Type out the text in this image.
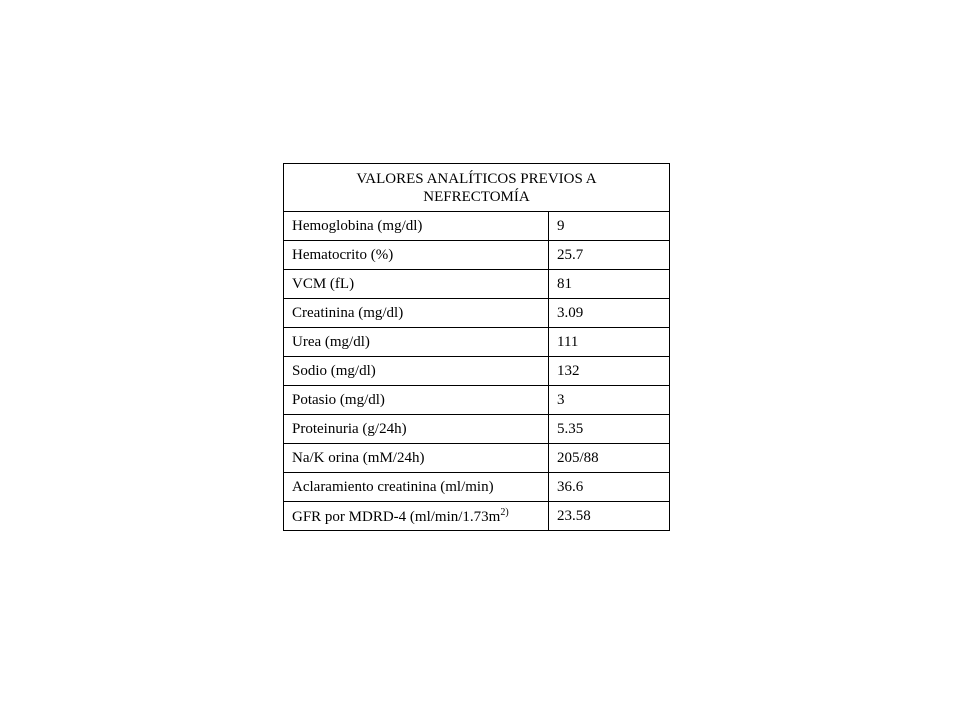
VALORES ANALÍTICOS PREVIOS A NEFRECTOMÍA	
Hemoglobina (mg/dl)	9
Hematocrito (%)	25.7
VCM (fL)	81
Creatinina (mg/dl)	3.09
Urea (mg/dl)	111
Sodio (mg/dl)	132
Potasio (mg/dl)	3
Proteinuria (g/24h)	5.35
Na/K orina (mM/24h)	205/88
Aclaramiento creatinina (ml/min)	36.6
GFR por MDRD-4 ($ml/\min/1.73m^{2)}$	23.58
